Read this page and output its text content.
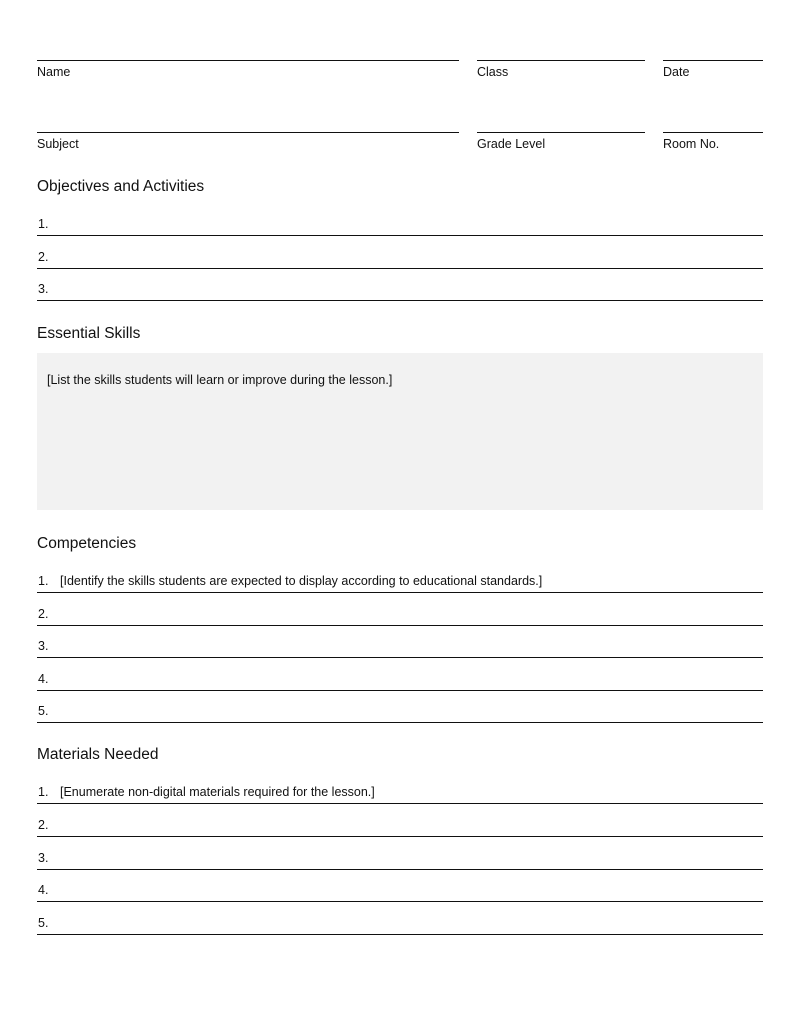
Name	Class	Date
Subject	Grade Level	Room No.
Objectives and Activities
1.
2.
3.
Essential Skills
[List the skills students will learn or improve during the lesson.]
Competencies
1. [Identify the skills students are expected to display according to educational standards.]
2.
3.
4.
5.
Materials Needed
1. [Enumerate non-digital materials required for the lesson.]
2.
3.
4.
5.
